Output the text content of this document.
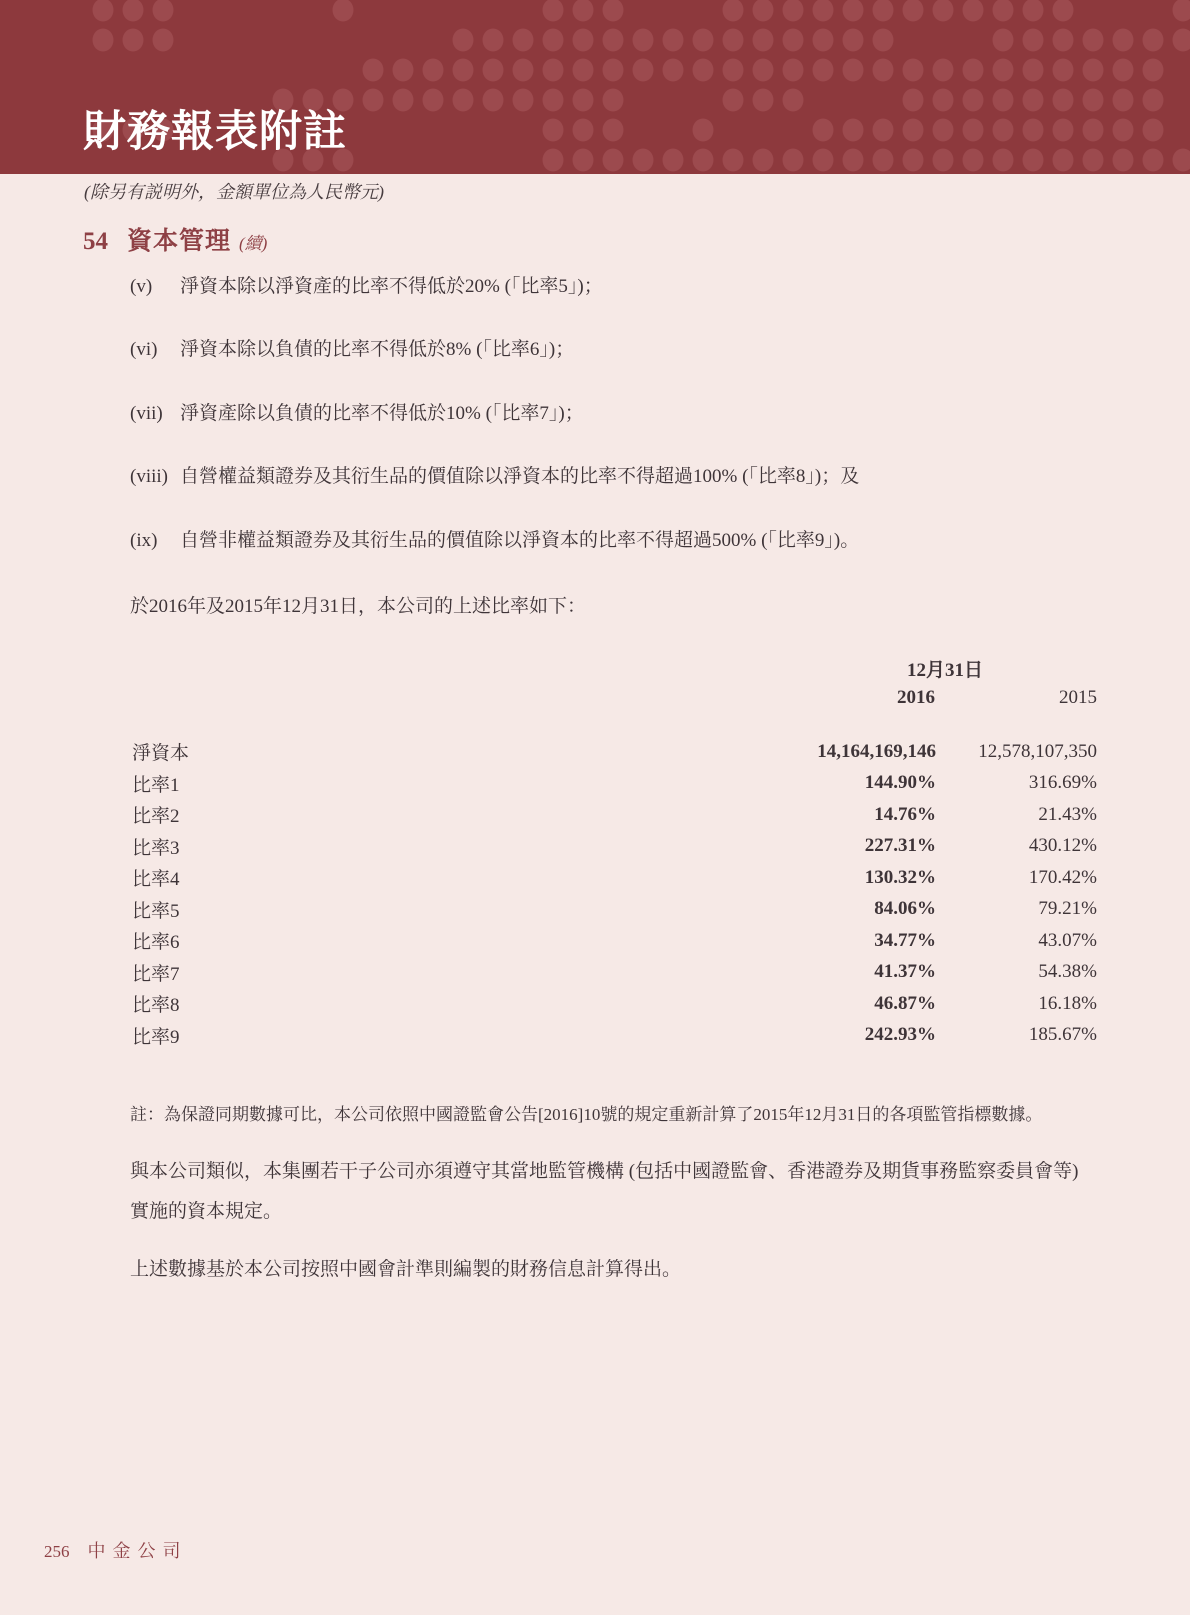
財務報表附註
(除另有説明外，金額單位為人民幣元)
54 資本管理 (續)
(v)	淨資本除以淨資產的比率不得低於20% (「比率5」)；
(vi)	淨資本除以負債的比率不得低於8% (「比率6」)；
(vii) 淨資產除以負債的比率不得低於10% (「比率7」)；
(viii) 自營權益類證券及其衍生品的價值除以淨資本的比率不得超過100% (「比率8」)；及
(ix)	自營非權益類證券及其衍生品的價值除以淨資本的比率不得超過500% (「比率9」)。
於2016年及2015年12月31日，本公司的上述比率如下：
12月31日
2016	2015
淨資本	14,164,169,146	12,578,107,350
比率1	144.90%	316.69%
比率2	14.76%	21.43%
比率3	227.31%	430.12%
比率4	130.32%	170.42%
比率5	84.06%	79.21%
比率6	34.77%	43.07%
比率7	41.37%	54.38%
比率8	46.87%	16.18%
比率9	242.93%	185.67%
註：為保證同期數據可比，本公司依照中國證監會公告[2016]10號的規定重新計算了2015年12月31日的各項監管指標數據。
與本公司類似，本集團若干子公司亦須遵守其當地監管機構 (包括中國證監會、香港證券及期貨事務監察委員會等)
實施的資本規定。
上述數據基於本公司按照中國會計準則編製的財務信息計算得出。
256 中金公司
